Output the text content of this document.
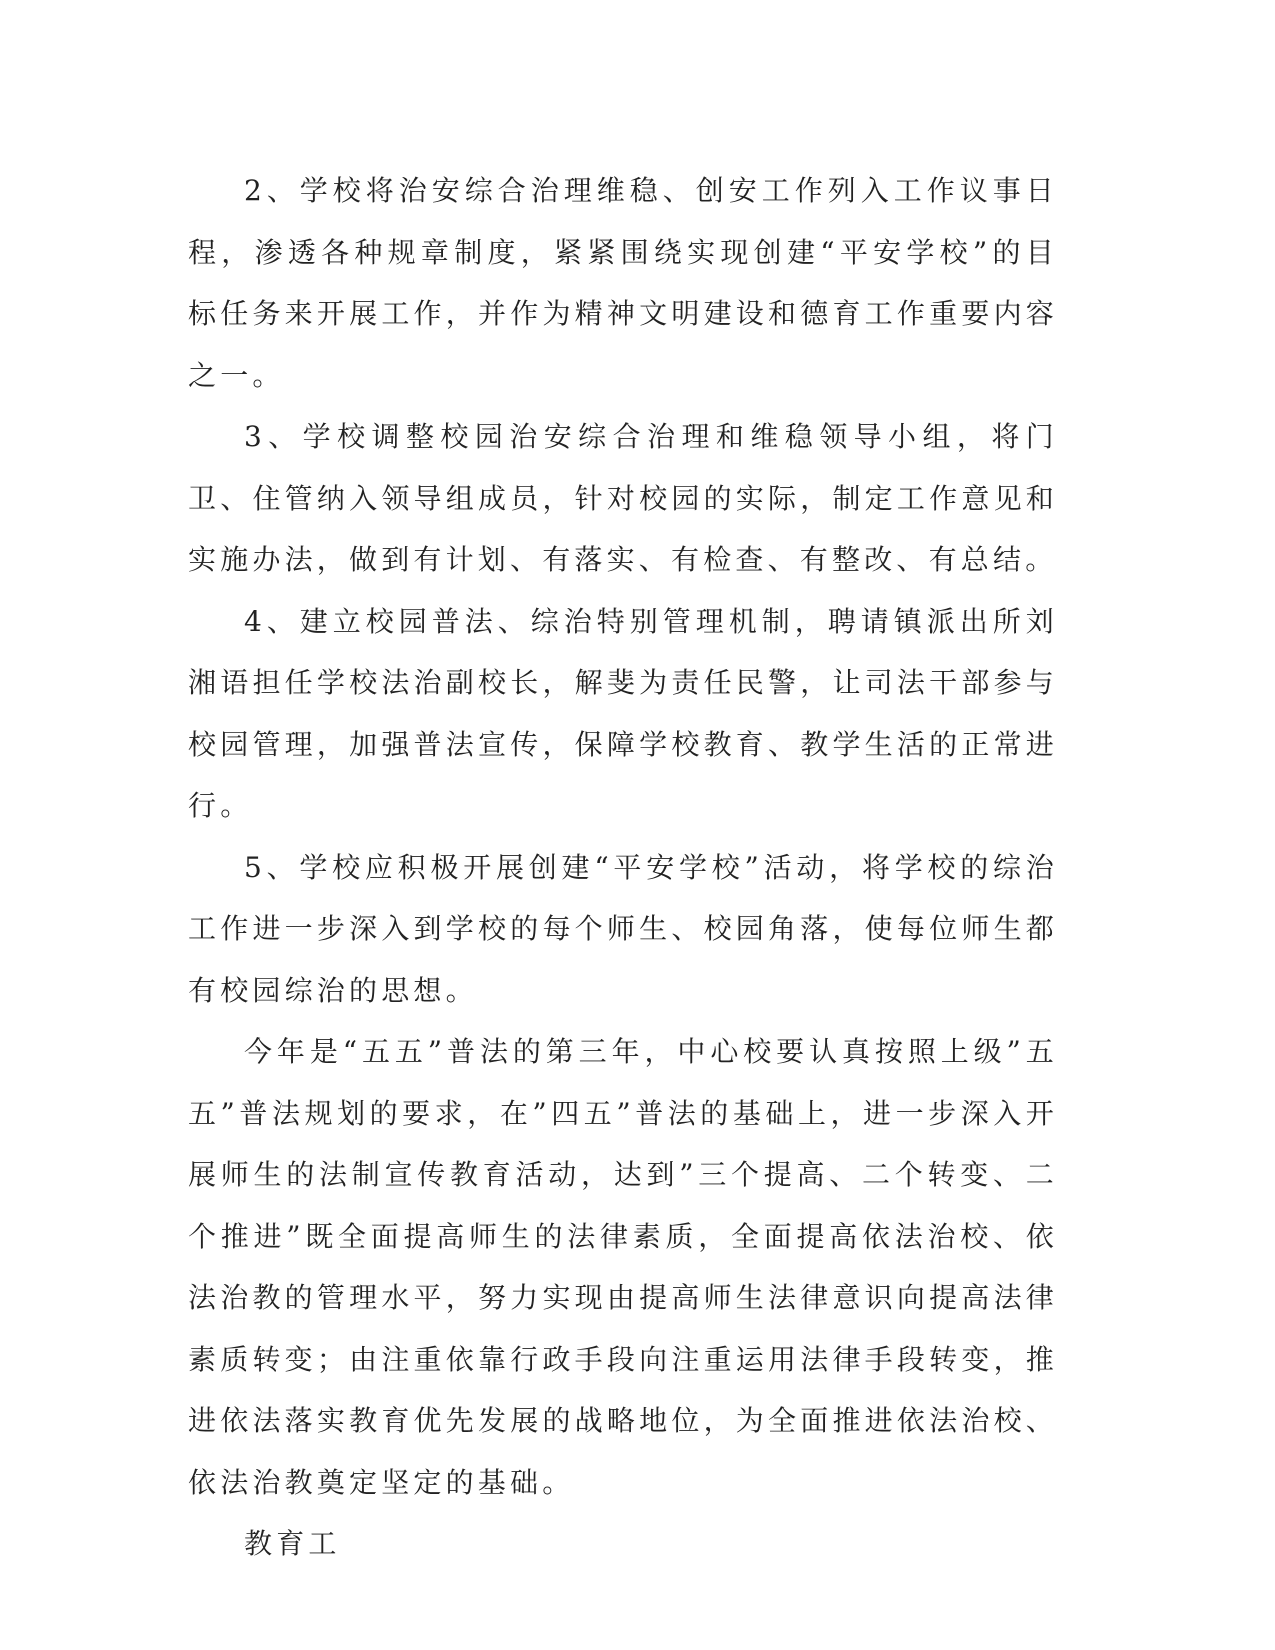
2、学校将治安综合治理维稳、创安工作列入工作议事日程，渗透各种规章制度，紧紧围绕实现创建“平安学校”的目标任务来开展工作，并作为精神文明建设和德育工作重要内容之一。

3、学校调整校园治安综合治理和维稳领导小组，将门卫、住管纳入领导组成员，针对校园的实际，制定工作意见和实施办法，做到有计划、有落实、有检查、有整改、有总结。

4、建立校园普法、综治特别管理机制，聘请镇派出所刘湘语担任学校法治副校长，解斐为责任民警，让司法干部参与校园管理，加强普法宣传，保障学校教育、教学生活的正常进行。

5、学校应积极开展创建“平安学校”活动，将学校的综治工作进一步深入到学校的每个师生、校园角落，使每位师生都有校园综治的思想。

今年是“五五”普法的第三年，中心校要认真按照上级”五五”普法规划的要求，在”四五”普法的基础上，进一步深入开展师生的法制宣传教育活动，达到”三个提高、二个转变、二个推进”既全面提高师生的法律素质，全面提高依法治校、依法治教的管理水平，努力实现由提高师生法律意识向提高法律素质转变；由注重依靠行政手段向注重运用法律手段转变，推进依法落实教育优先发展的战略地位，为全面推进依法治校、依法治教奠定坚定的基础。

教育工
